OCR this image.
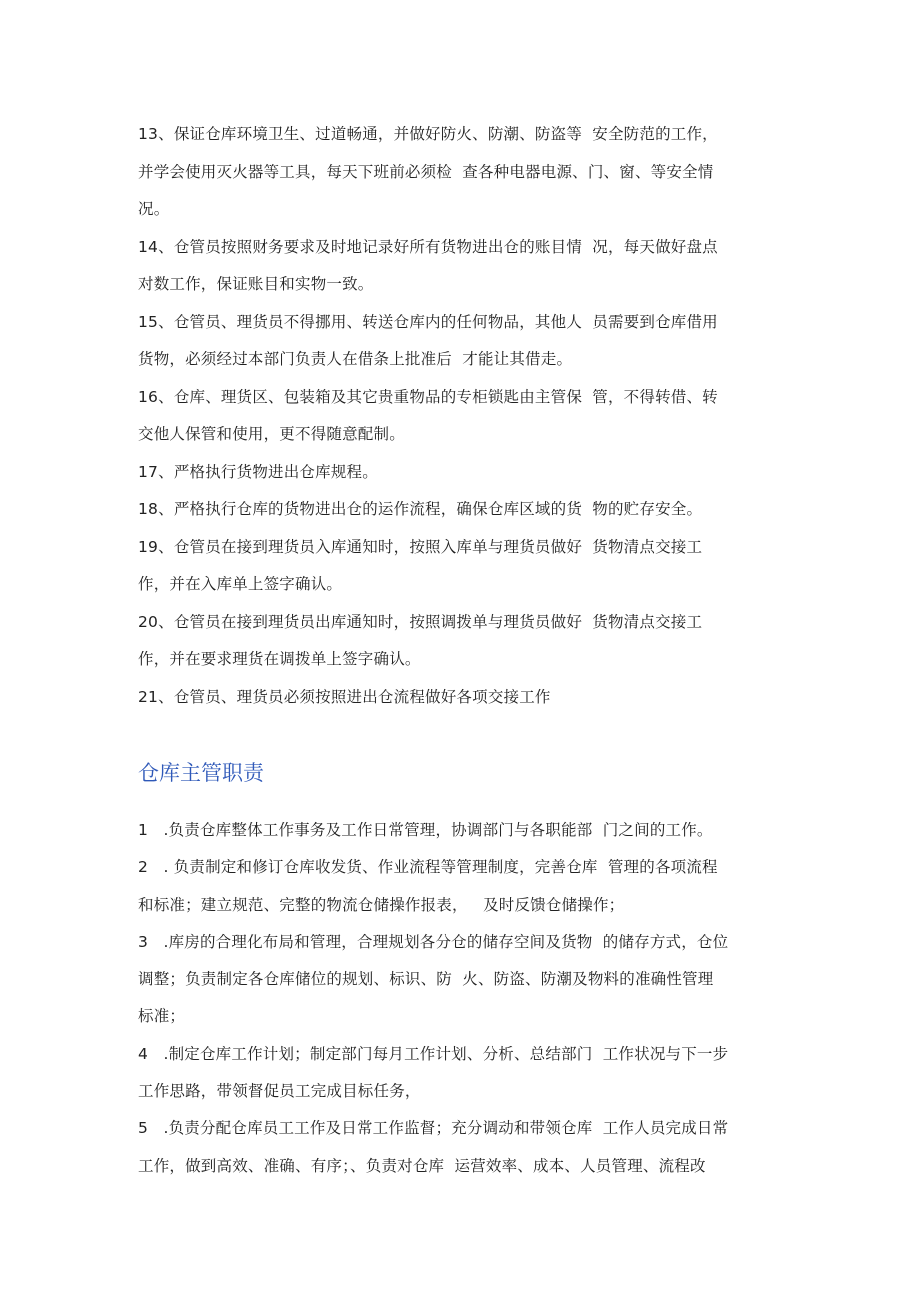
13、保证仓库环境卫生、过道畅通，并做好防火、防潮、防盗等  安全防范的工作，
并学会使用灭火器等工具，每天下班前必须检  查各种电器电源、门、窗、等安全情
况。
14、仓管员按照财务要求及时地记录好所有货物进出仓的账目情  况，每天做好盘点
对数工作，保证账目和实物一致。
15、仓管员、理货员不得挪用、转送仓库内的任何物品，其他人  员需要到仓库借用
货物，必须经过本部门负责人在借条上批准后  才能让其借走。
16、仓库、理货区、包装箱及其它贵重物品的专柜锁匙由主管保  管，不得转借、转
交他人保管和使用，更不得随意配制。
17、严格执行货物进出仓库规程。
18、严格执行仓库的货物进出仓的运作流程，确保仓库区域的货  物的贮存安全。
19、仓管员在接到理货员入库通知时，按照入库单与理货员做好  货物清点交接工
作，并在入库单上签字确认。
20、仓管员在接到理货员出库通知时，按照调拨单与理货员做好  货物清点交接工
作，并在要求理货在调拨单上签字确认。
21、仓管员、理货员必须按照进出仓流程做好各项交接工作
仓库主管职责
1   .负责仓库整体工作事务及工作日常管理，协调部门与各职能部  门之间的工作。
2   . 负责制定和修订仓库收发货、作业流程等管理制度，完善仓库  管理的各项流程
和标准；建立规范、完整的物流仓储操作报表，   及时反馈仓储操作；
3   .库房的合理化布局和管理，合理规划各分仓的储存空间及货物  的储存方式，仓位
调整；负责制定各仓库储位的规划、标识、防  火、防盗、防潮及物料的准确性管理
标准；
4   .制定仓库工作计划；制定部门每月工作计划、分析、总结部门  工作状况与下一步
工作思路，带领督促员工完成目标任务，
5   .负责分配仓库员工工作及日常工作监督；充分调动和带领仓库  工作人员完成日常
工作，做到高效、准确、有序；、负责对仓库  运营效率、成本、人员管理、流程改
